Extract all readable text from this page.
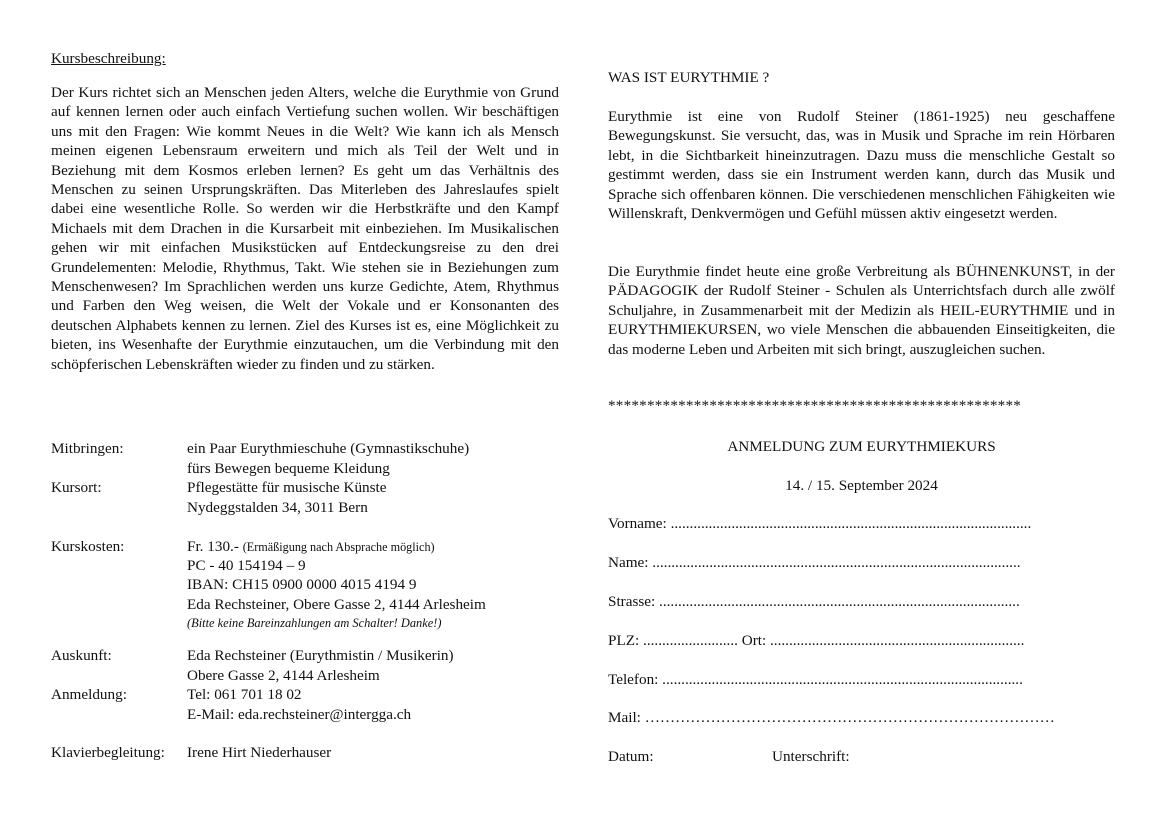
Kursbeschreibung:
Der Kurs richtet sich an Menschen jeden Alters, welche die Eurythmie von Grund auf kennen lernen oder auch einfach Vertiefung suchen wollen. Wir beschäftigen uns mit den Fragen: Wie kommt Neues in die Welt? Wie kann ich als Mensch meinen eigenen Lebensraum erweitern und mich als Teil der Welt und in Beziehung mit dem Kosmos erleben lernen? Es geht um das Verhältnis des Menschen zu seinen Ursprungskräften. Das Miterleben des Jahreslaufes spielt dabei eine wesentliche Rolle. So werden wir die Herbstkräfte und den Kampf Michaels mit dem Drachen in die Kursarbeit mit einbeziehen. Im Musikalischen gehen wir mit einfachen Musikstücken auf Entdeckungsreise zu den drei Grundelementen: Melodie, Rhythmus, Takt. Wie stehen sie in Beziehungen zum Menschenwesen? Im Sprachlichen werden uns kurze Gedichte, Atem, Rhythmus und Farben den Weg weisen, die Welt der Vokale und er Konsonanten des deutschen Alphabets kennen zu lernen. Ziel des Kurses ist es, eine Möglichkeit zu bieten, ins Wesenhafte der Eurythmie einzutauchen, um die Verbindung mit den schöpferischen Lebenskräften wieder zu finden und zu stärken.
Mitbringen:	ein Paar Eurythmieschuhe (Gymnastikschuhe)
fürs Bewegen bequeme Kleidung
Kursort:	Pflegestätte für musische Künste
Nydeggstalden 34, 3011 Bern
Kurskosten:	Fr. 130.- (Ermäßigung nach Absprache möglich)
PC - 40 154194 – 9
IBAN: CH15 0900 0000 4015 4194 9
Eda Rechsteiner, Obere Gasse 2, 4144 Arlesheim
(Bitte keine Bareinzahlungen am Schalter! Danke!)
Auskunft:	Eda Rechsteiner (Eurythmistin / Musikerin)
Obere Gasse 2, 4144 Arlesheim
Anmeldung:	Tel: 061 701 18 02
E-Mail: eda.rechsteiner@intergga.ch
Klavierbegleitung: Irene Hirt Niederhauser
WAS IST EURYTHMIE ?
Eurythmie ist eine von Rudolf Steiner (1861-1925) neu geschaffene Bewegungskunst. Sie versucht, das, was in Musik und Sprache im rein Hörbaren lebt, in die Sichtbarkeit hineinzutragen. Dazu muss die menschliche Gestalt so gestimmt werden, dass sie ein Instrument werden kann, durch das Musik und Sprache sich offenbaren können. Die verschiedenen menschlichen Fähigkeiten wie Willenskraft, Denkvermögen und Gefühl müssen aktiv eingesetzt werden.
Die Eurythmie findet heute eine große Verbreitung als BÜHNENKUNST, in der PÄDAGOGIK der Rudolf Steiner - Schulen als Unterrichtsfach durch alle zwölf Schuljahre, in Zusammenarbeit mit der Medizin als HEIL-EURYTHMIE und in EURYTHMIEKURSEN, wo viele Menschen die abbauenden Einseitigkeiten, die das moderne Leben und Arbeiten mit sich bringt, auszugleichen suchen.
*****************************************************
ANMELDUNG ZUM EURYTHMIEKURS
14. / 15. September 2024
Vorname: ...............................................................................................
Name: .................................................................................................
Strasse: ...............................................................................................
PLZ: ......................... Ort: ...................................................................
Telefon: ...............................................................................................
Mail: ………………………………………………………………………
Datum:	Unterschrift:
